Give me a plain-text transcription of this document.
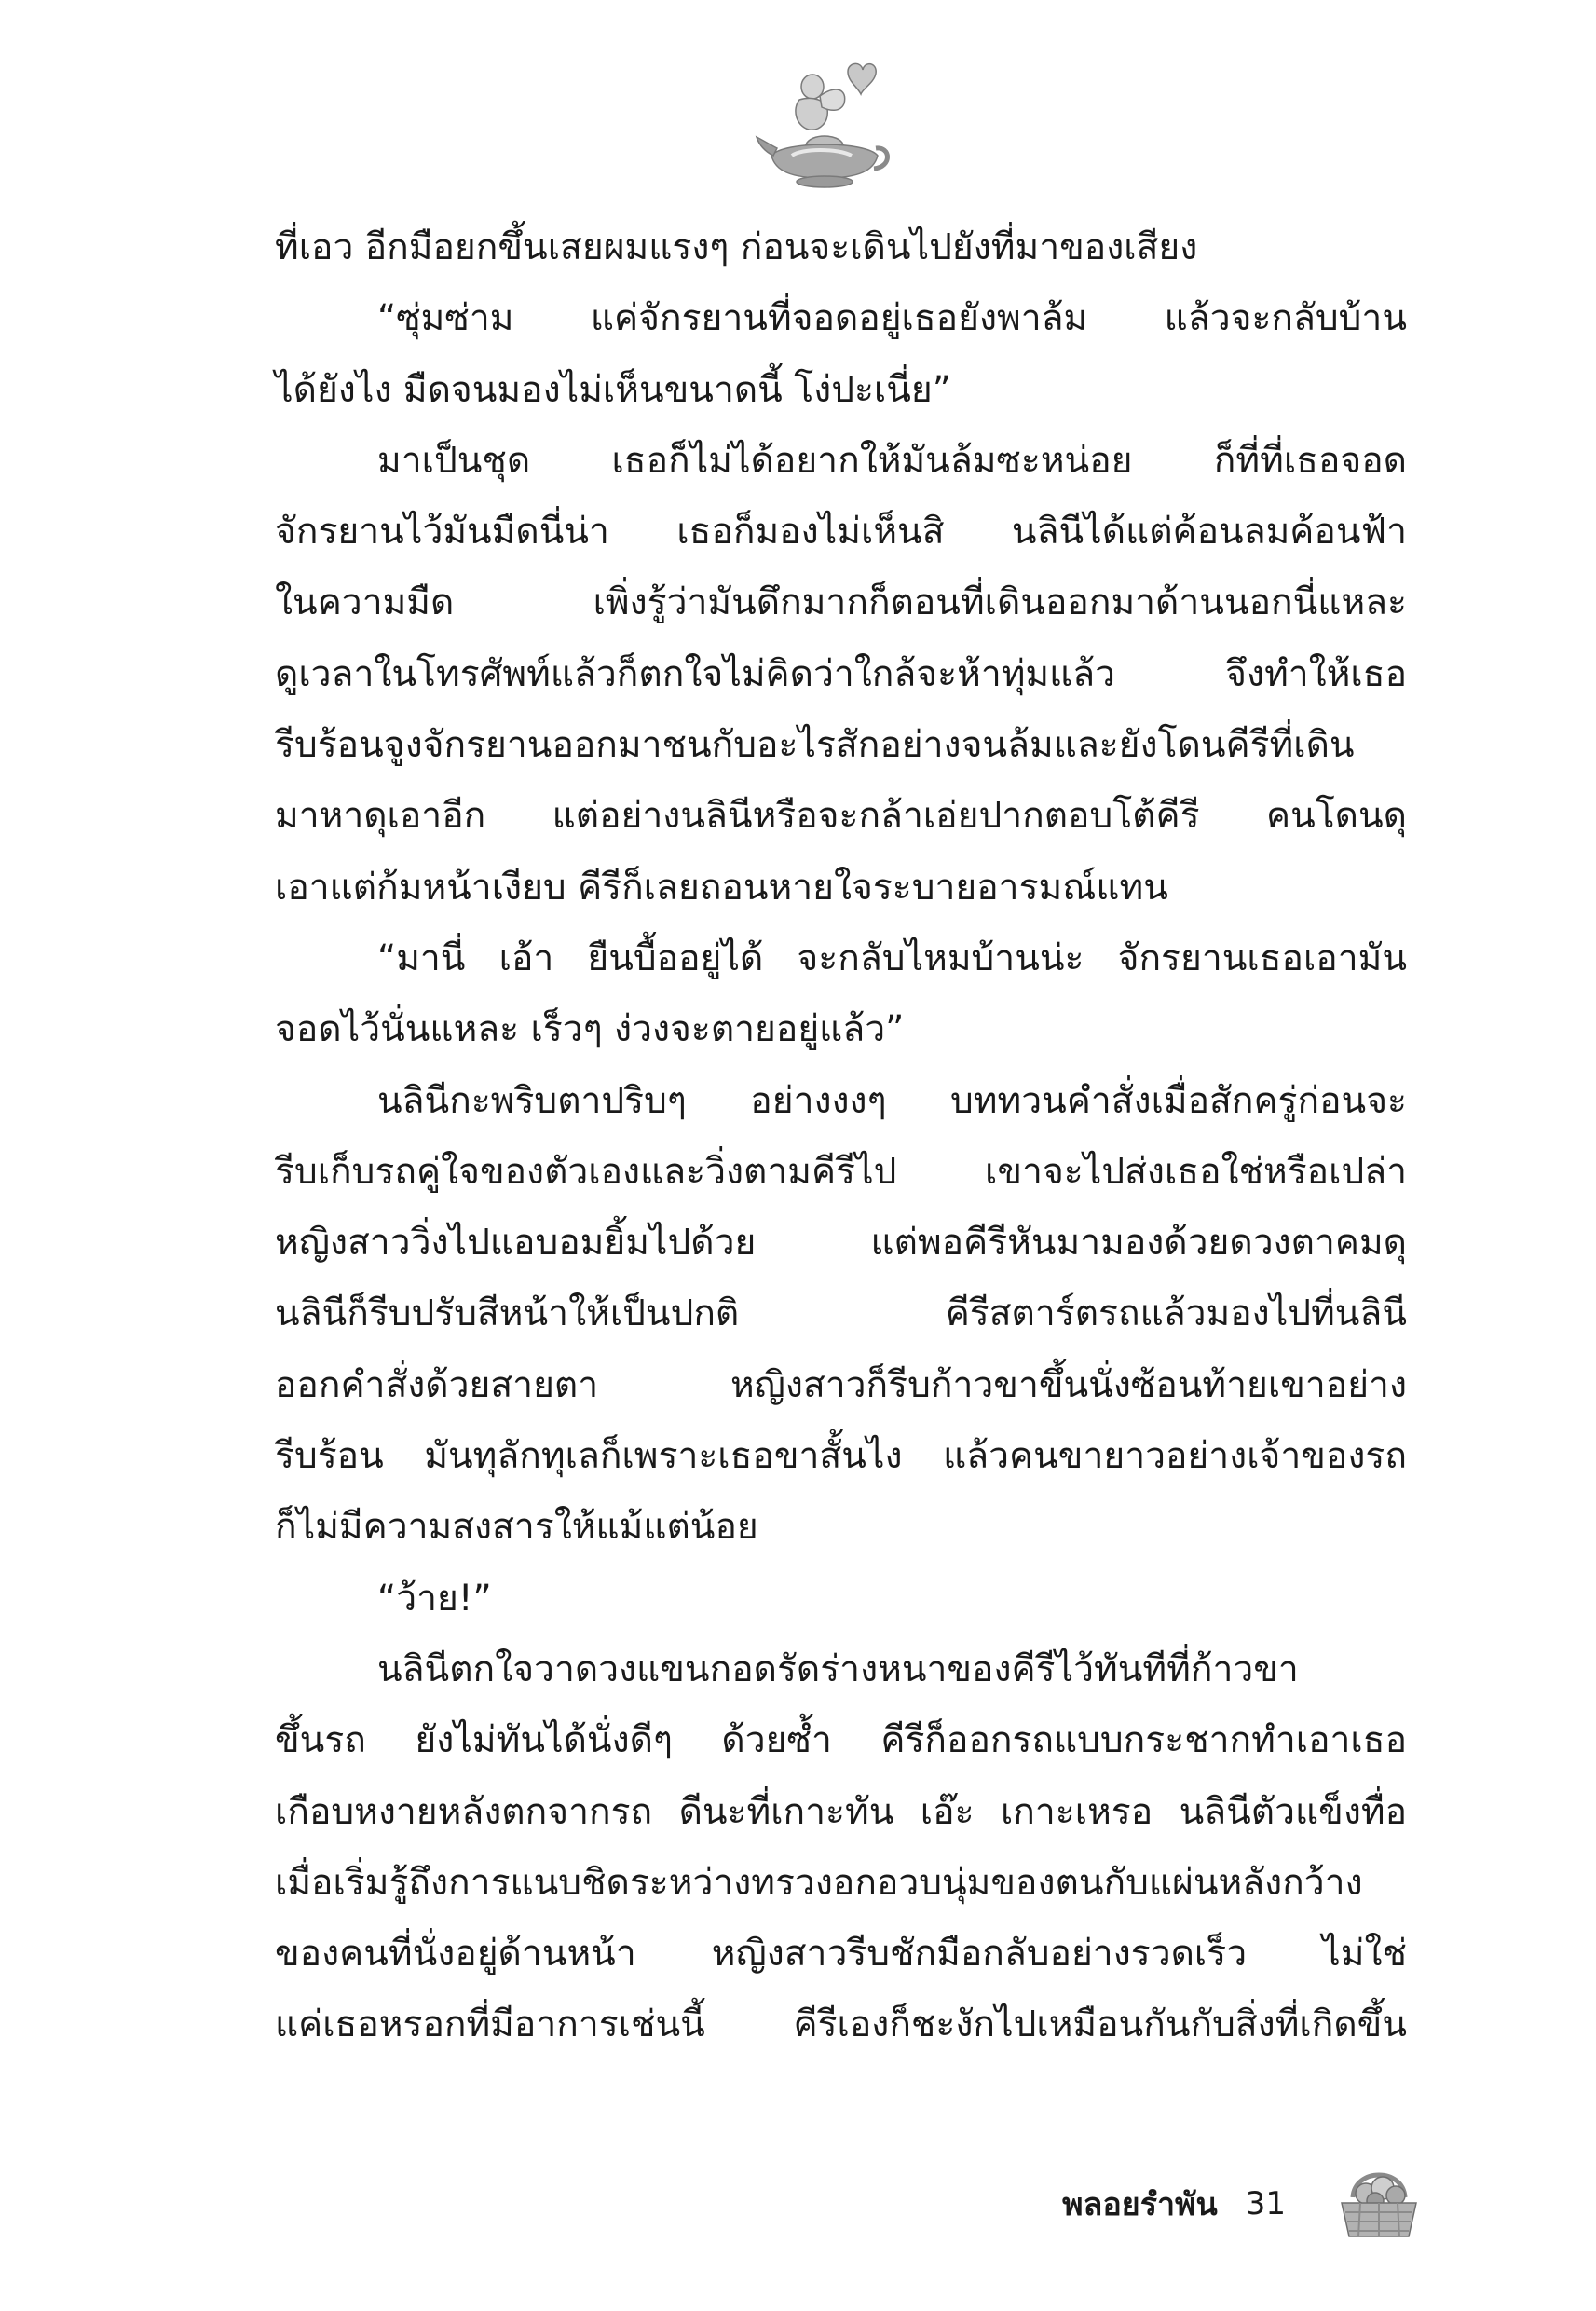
ที่เอว อีกมือยกขึ้นเสยผมแรงๆ ก่อนจะเดินไปยังที่มาของเสียง
“ซุ่มซ่าม แค่จักรยานที่จอดอยู่เธอยังพาล้ม แล้วจะกลับบ้าน
ได้ยังไง มืดจนมองไม่เห็นขนาดนี้ โง่ปะเนี่ย”
มาเป็นชุด เธอก็ไม่ได้อยากให้มันล้มซะหน่อย ก็ที่ที่เธอจอด
จักรยานไว้มันมืดนี่น่า เธอก็มองไม่เห็นสิ นลินีได้แต่ค้อนลมค้อนฟ้า
ในความมืด เพิ่งรู้ว่ามันดึกมากก็ตอนที่เดินออกมาด้านนอกนี่แหละ
ดูเวลาในโทรศัพท์แล้วก็ตกใจไม่คิดว่าใกล้จะห้าทุ่มแล้ว จึงทำให้เธอ
รีบร้อนจูงจักรยานออกมาชนกับอะไรสักอย่างจนล้มและยังโดนคีรีที่เดิน
มาหาดุเอาอีก แต่อย่างนลินีหรือจะกล้าเอ่ยปากตอบโต้คีรี คนโดนดุ
เอาแต่ก้มหน้าเงียบ คีรีก็เลยถอนหายใจระบายอารมณ์แทน
“มานี่ เอ้า ยืนบื้ออยู่ได้ จะกลับไหมบ้านน่ะ จักรยานเธอเอามัน
จอดไว้นั่นแหละ เร็วๆ ง่วงจะตายอยู่แล้ว”
นลินีกะพริบตาปริบๆ อย่างงงๆ บททวนคำสั่งเมื่อสักครู่ก่อนจะ
รีบเก็บรถคู่ใจของตัวเองและวิ่งตามคีรีไป เขาจะไปส่งเธอใช่หรือเปล่า
หญิงสาววิ่งไปแอบอมยิ้มไปด้วย แต่พอคีรีหันมามองด้วยดวงตาคมดุ
นลินีก็รีบปรับสีหน้าให้เป็นปกติ คีรีสตาร์ตรถแล้วมองไปที่นลินี
ออกคำสั่งด้วยสายตา หญิงสาวก็รีบก้าวขาขึ้นนั่งซ้อนท้ายเขาอย่าง
รีบร้อน มันทุลักทุเลก็เพราะเธอขาสั้นไง แล้วคนขายาวอย่างเจ้าของรถ
ก็ไม่มีความสงสารให้แม้แต่น้อย
“ว้าย!”
นลินีตกใจวาดวงแขนกอดรัดร่างหนาของคีรีไว้ทันทีที่ก้าวขา
ขึ้นรถ ยังไม่ทันได้นั่งดีๆ ด้วยซ้ำ คีรีก็ออกรถแบบกระชากทำเอาเธอ
เกือบหงายหลังตกจากรถ ดีนะที่เกาะทัน เอ๊ะ เกาะเหรอ นลินีตัวแข็งทื่อ
เมื่อเริ่มรู้ถึงการแนบชิดระหว่างทรวงอกอวบนุ่มของตนกับแผ่นหลังกว้าง
ของคนที่นั่งอยู่ด้านหน้า หญิงสาวรีบชักมือกลับอย่างรวดเร็ว ไม่ใช่
แค่เธอหรอกที่มีอาการเช่นนี้ คีรีเองก็ชะงักไปเหมือนกันกับสิ่งที่เกิดขึ้น
พลอยรำพัน 31
